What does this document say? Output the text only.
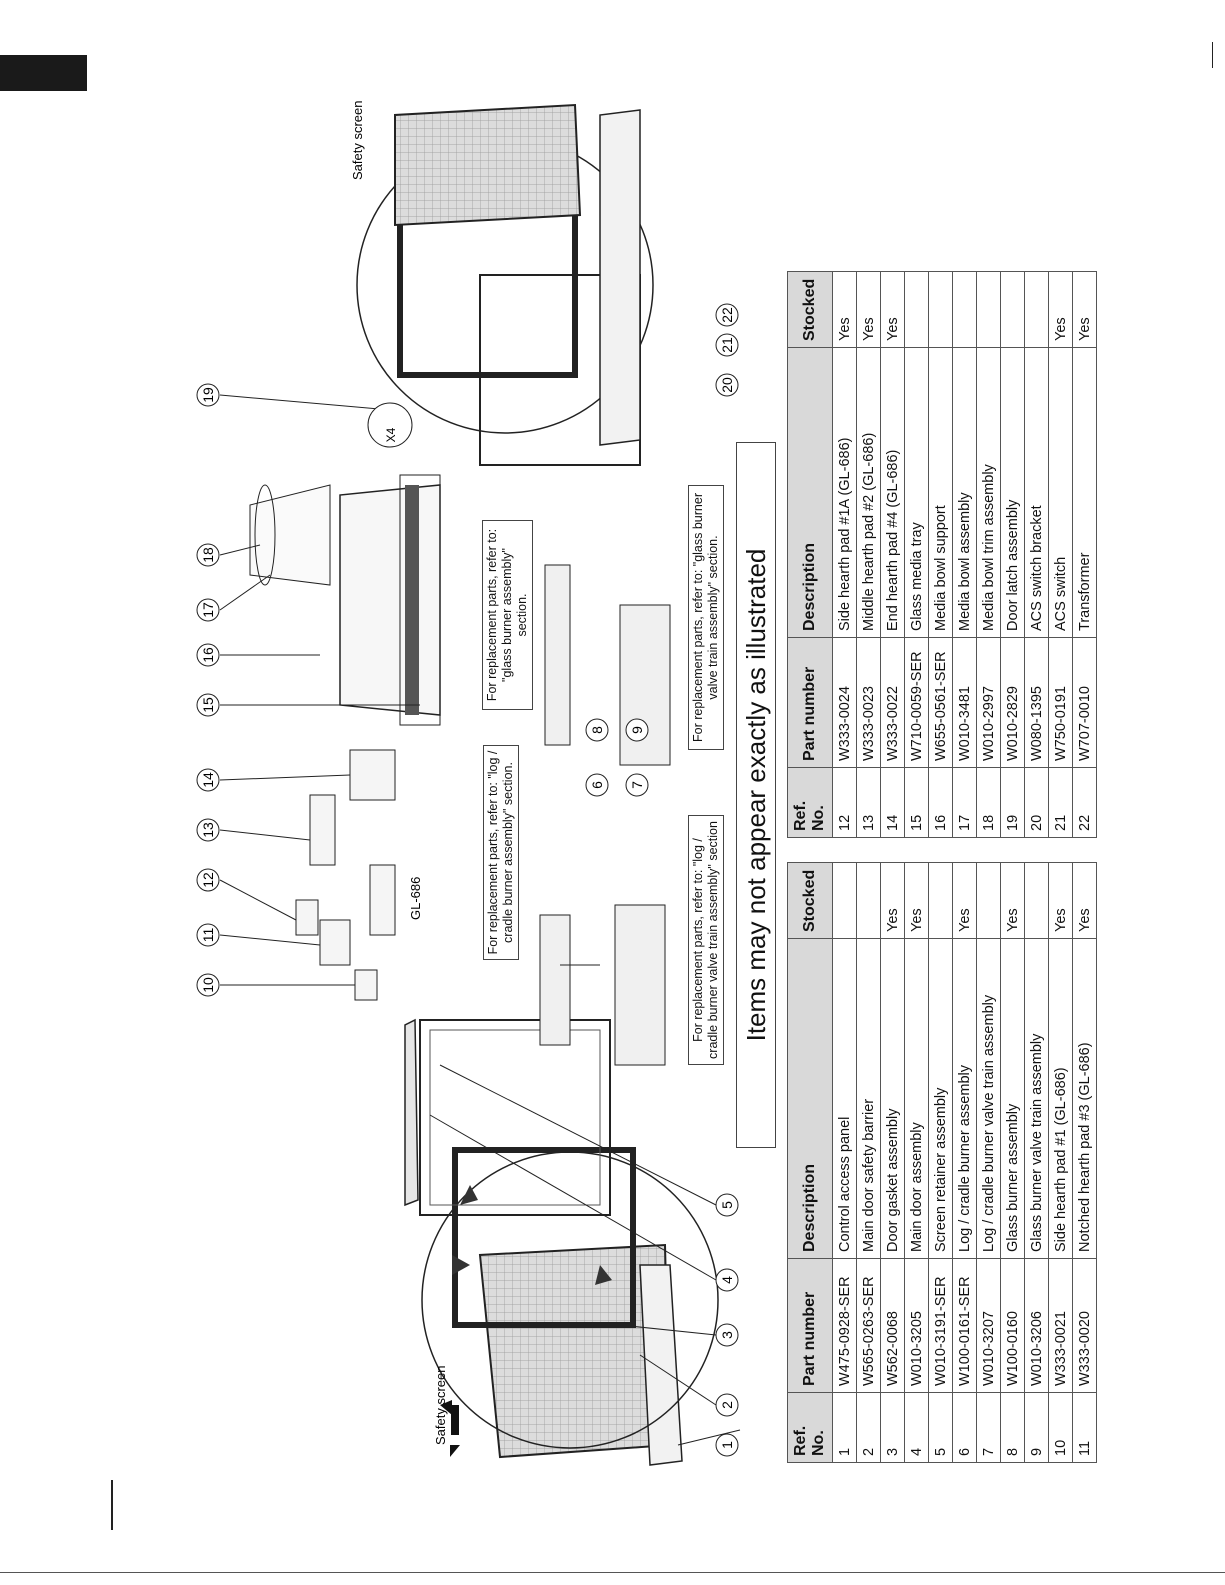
1
2
3
4
5
6 7
8 9
10
11
12
13
14
15
16
17
18
19
20
21
22
X4
Safety screen
Safety screen
GL-686	For replacement parts, refer to: "log / cradle burner assembly" section.	For replacement parts, refer to: "log / cradle burner valve train assembly" section
For replacement parts, refer to: "glass burner assembly" section.	For replacement parts, refer to: "glass burner valve train assembly" section. Items may not appear exactly as illustrated
Ref. No.	Part number	Description	Stocked
1	W475-0928-SER	Control access panel	
2	W565-0263-SER	Main door safety barrier	
3	W562-0068	Door gasket assembly	Yes
4	W010-3205	Main door assembly	Yes
5	W010-3191-SER	Screen retainer assembly	
6	W100-0161-SER	Log / cradle burner assembly	Yes
7	W010-3207	Log / cradle burner valve train assembly	
8	W100-0160	Glass burner assembly	Yes
9	W010-3206	Glass burner valve train assembly	
10	W333-0021	Side hearth pad #1 (GL-686)	Yes
11	W333-0020	Notched hearth pad #3 (GL-686)	Yes
Ref. No.	Part number	Description	Stocked
12	W333-0024	Side hearth pad #1A (GL-686)	Yes
13	W333-0023	Middle hearth pad #2 (GL-686)	Yes
14	W333-0022	End hearth pad #4 (GL-686)	Yes
15	W710-0059-SER	Glass media tray	
16	W655-0561-SER	Media bowl support	
17	W010-3481	Media bowl assembly	
18	W010-2997	Media bowl trim assembly	
19	W010-2829	Door latch assembly	
20	W080-1395	ACS switch bracket	
21	W750-0191	ACS switch	Yes
22	W707-0010	Transformer	Yes
